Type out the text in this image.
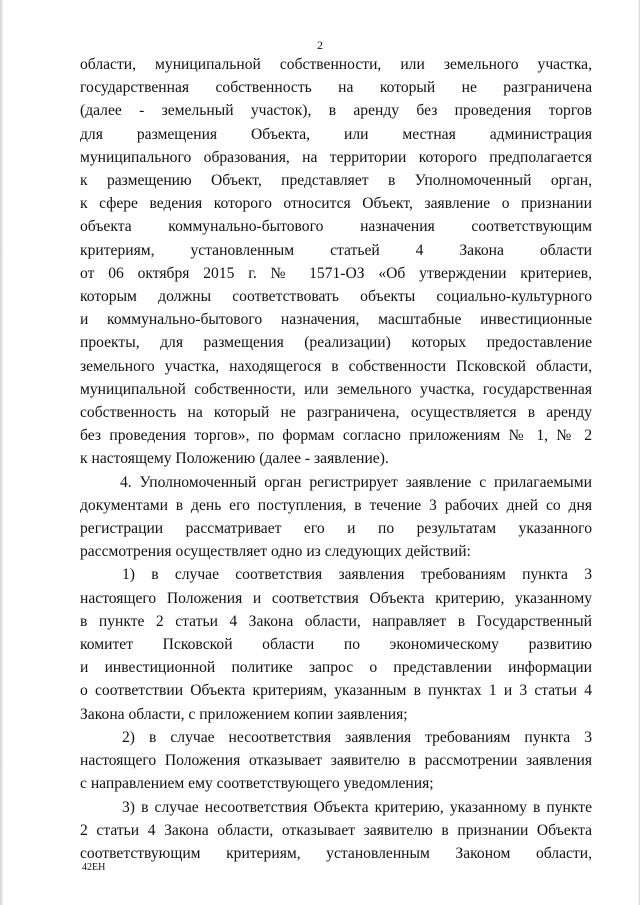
2
области, муниципальной собственности, или земельного участка,
государственная собственность на который не разграничена
(далее - земельный участок), в аренду без проведения торгов
для размещения Объекта, или местная администрация
муниципального образования, на территории которого предполагается
к размещению Объект, представляет в Уполномоченный орган,
к сфере ведения которого относится Объект, заявление о признании
объекта коммунально-бытового назначения соответствующим
критериям, установленным статьей 4 Закона области
от 06 октября 2015 г. № 1571-ОЗ «Об утверждении критериев,
которым должны соответствовать объекты социально-культурного
и коммунально-бытового назначения, масштабные инвестиционные
проекты, для размещения (реализации) которых предоставление
земельного участка, находящегося в собственности Псковской области,
муниципальной собственности, или земельного участка, государственная
собственность на который не разграничена, осуществляется в аренду
без проведения торгов», по формам согласно приложениям № 1, № 2
к настоящему Положению (далее - заявление).
4. Уполномоченный орган регистрирует заявление с прилагаемыми
документами в день его поступления, в течение 3 рабочих дней со дня
регистрации рассматривает его и по результатам указанного
рассмотрения осуществляет одно из следующих действий:
1) в случае соответствия заявления требованиям пункта 3
настоящего Положения и соответствия Объекта критерию, указанному
в пункте 2 статьи 4 Закона области, направляет в Государственный
комитет Псковской области по экономическому развитию
и инвестиционной политике запрос о представлении информации
о соответствии Объекта критериям, указанным в пунктах 1 и 3 статьи 4
Закона области, с приложением копии заявления;
2) в случае несоответствия заявления требованиям пункта 3
настоящего Положения отказывает заявителю в рассмотрении заявления
с направлением ему соответствующего уведомления;
3) в случае несоответствия Объекта критерию, указанному в пункте
2 статьи 4 Закона области, отказывает заявителю в признании Объекта
соответствующим критериям, установленным Законом области,
42ЕН
